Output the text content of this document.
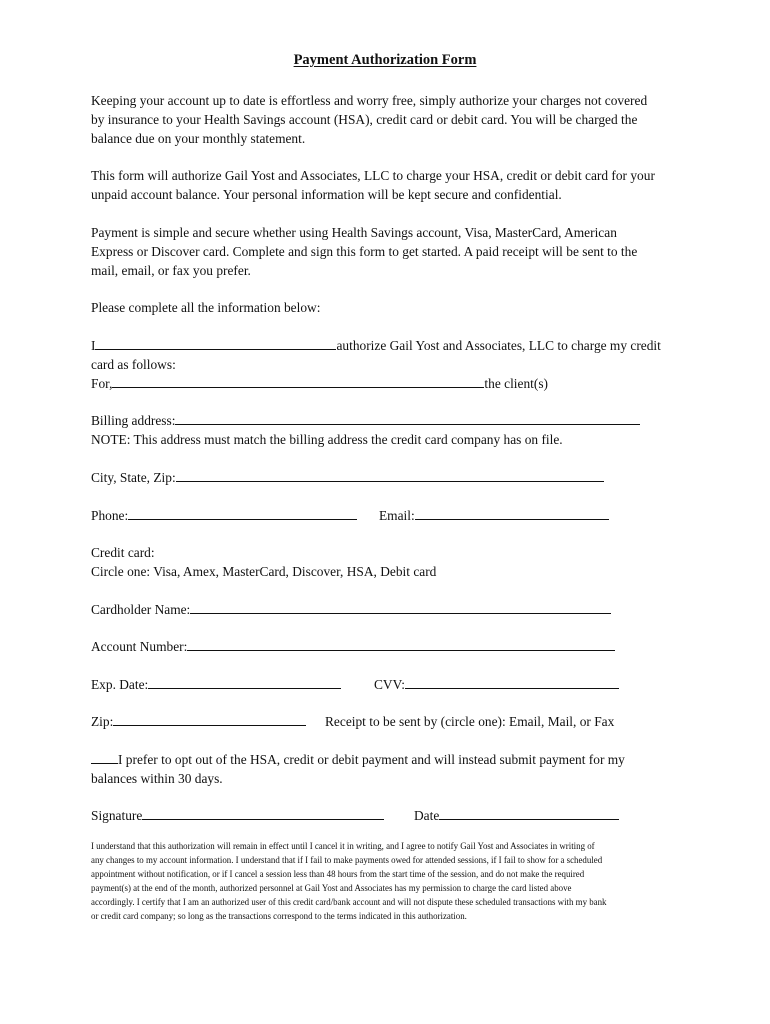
Payment Authorization Form
Keeping your account up to date is effortless and worry free, simply authorize your charges not covered
by insurance to your Health Savings account (HSA), credit card or debit card. You will be charged the
balance due on your monthly statement.
This form will authorize Gail Yost and Associates, LLC to charge your HSA, credit or debit card for your
unpaid account balance. Your personal information will be kept secure and confidential.
Payment is simple and secure whether using Health Savings account, Visa, MasterCard, American
Express or Discover card. Complete and sign this form to get started. A paid receipt will be sent to the
mail, email, or fax you prefer.
Please complete all the information below:
I	authorize Gail Yost and Associates, LLC to charge my credit
card as follows:
For,	the client(s)
Billing address:
NOTE: This address must match the billing address the credit card company has on file.
City, State, Zip:
Phone:	Email:
Credit card:
Circle one: Visa, Amex, MasterCard, Discover, HSA, Debit card
Cardholder Name:
Account Number:
Exp. Date:	CVV:
Zip:	Receipt to be sent by (circle one): Email, Mail, or Fax
I prefer to opt out of the HSA, credit or debit payment and will instead submit payment for my
balances within 30 days.
Signature	Date
I understand that this authorization will remain in effect until I cancel it in writing, and I agree to notify Gail Yost and Associates in writing of
any changes to my account information. I understand that if I fail to make payments owed for attended sessions, if I fail to show for a scheduled
appointment without notification, or if I cancel a session less than 48 hours from the start time of the session, and do not make the required
payment(s) at the end of the month, authorized personnel at Gail Yost and Associates has my permission to charge the card listed above
accordingly. I certify that I am an authorized user of this credit card/bank account and will not dispute these scheduled transactions with my bank
or credit card company; so long as the transactions correspond to the terms indicated in this authorization.
